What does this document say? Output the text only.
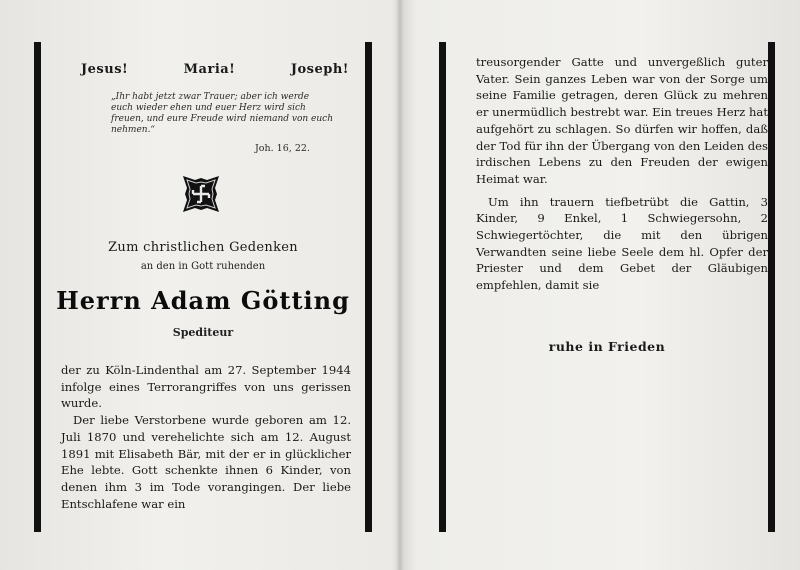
Jesus!	Maria!	Joseph!
„Ihr habt jetzt zwar Trauer; aber ich werde euch wieder ehen und euer Herz wird sich freuen, und eure Freude wird niemand von euch nehmen.“
Joh. 16, 22.
Zum christlichen Gedenken
an den in Gott ruhenden
Herrn Adam Götting
Spediteur

der zu Köln-Lindenthal am 27. September 1944 infolge eines Terrorangriffes von uns gerissen wurde.

Der liebe Verstorbene wurde geboren am 12. Juli 1870 und verehelichte sich am 12. August 1891 mit Elisabeth Bär, mit der er in glücklicher Ehe lebte. Gott schenkte ihnen 6 Kinder, von denen ihm 3 im Tode vorangingen. Der liebe Entschlafene war ein

treusorgender Gatte und unvergeßlich guter Vater. Sein ganzes Leben war von der Sorge um seine Familie getragen, deren Glück zu mehren er unermüdlich bestrebt war. Ein treues Herz hat aufgehört zu schlagen. So dürfen wir hoffen, daß der Tod für ihn der Übergang von den Leiden des irdischen Lebens zu den Freuden der ewigen Heimat war.

Um ihn trauern tiefbetrübt die Gattin, 3 Kinder, 9 Enkel, 1 Schwiegersohn, 2 Schwiegertöchter, die mit den übrigen Verwandten seine liebe Seele dem hl. Opfer der Priester und dem Gebet der Gläubigen empfehlen, damit sie

ruhe in Frieden
